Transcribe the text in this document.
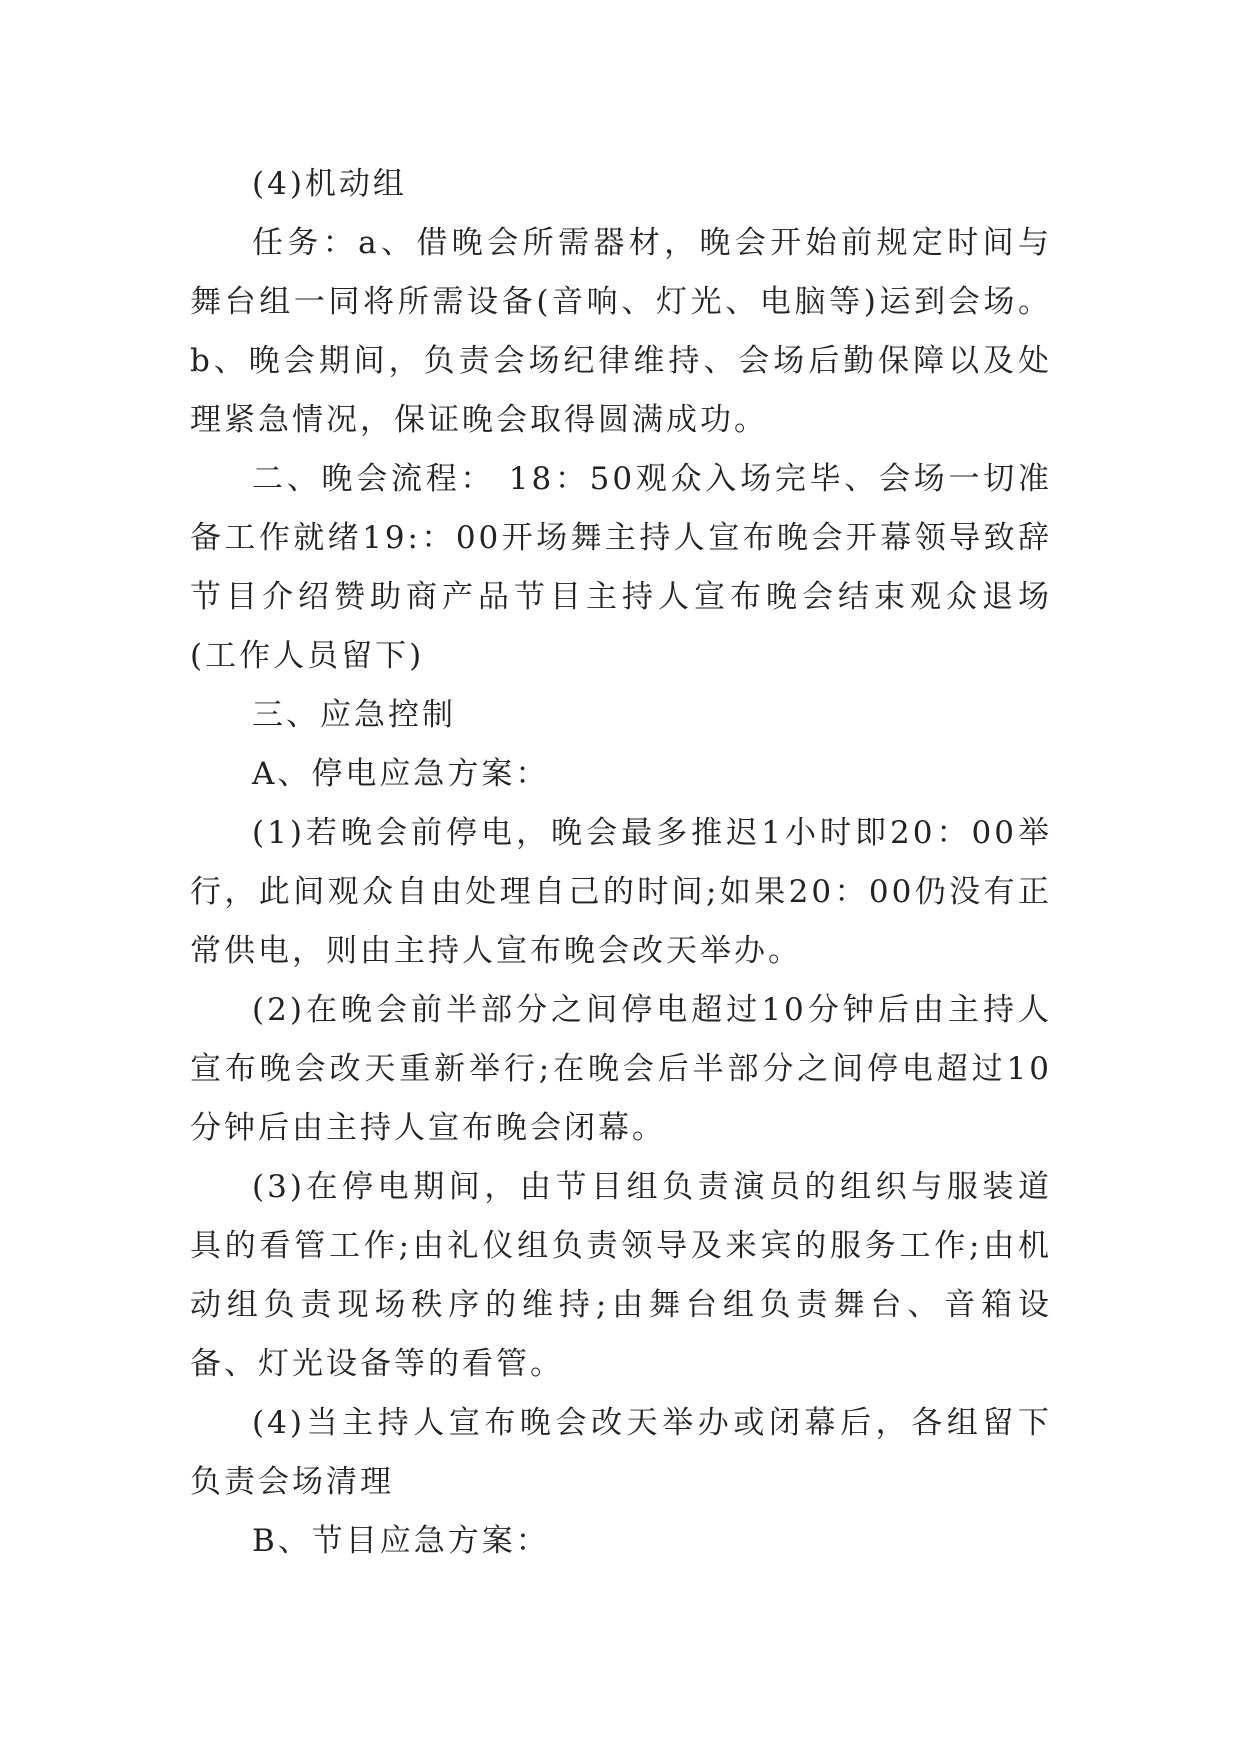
(4)机动组

任务：a、借晚会所需器材，晚会开始前规定时间与舞台组一同将所需设备(音响、灯光、电脑等)运到会场。b、晚会期间，负责会场纪律维持、会场后勤保障以及处理紧急情况，保证晚会取得圆满成功。

二、晚会流程： 18：50观众入场完毕、会场一切准备工作就绪19:：00开场舞主持人宣布晚会开幕领导致辞节目介绍赞助商产品节目主持人宣布晚会结束观众退场(工作人员留下)

三、应急控制

A、停电应急方案：

(1)若晚会前停电，晚会最多推迟1小时即20：00举行，此间观众自由处理自己的时间;如果20：00仍没有正常供电，则由主持人宣布晚会改天举办。

(2)在晚会前半部分之间停电超过10分钟后由主持人宣布晚会改天重新举行;在晚会后半部分之间停电超过10分钟后由主持人宣布晚会闭幕。

(3)在停电期间，由节目组负责演员的组织与服装道具的看管工作;由礼仪组负责领导及来宾的服务工作;由机动组负责现场秩序的维持;由舞台组负责舞台、音箱设备、灯光设备等的看管。

(4)当主持人宣布晚会改天举办或闭幕后，各组留下负责会场清理

B、节目应急方案：
